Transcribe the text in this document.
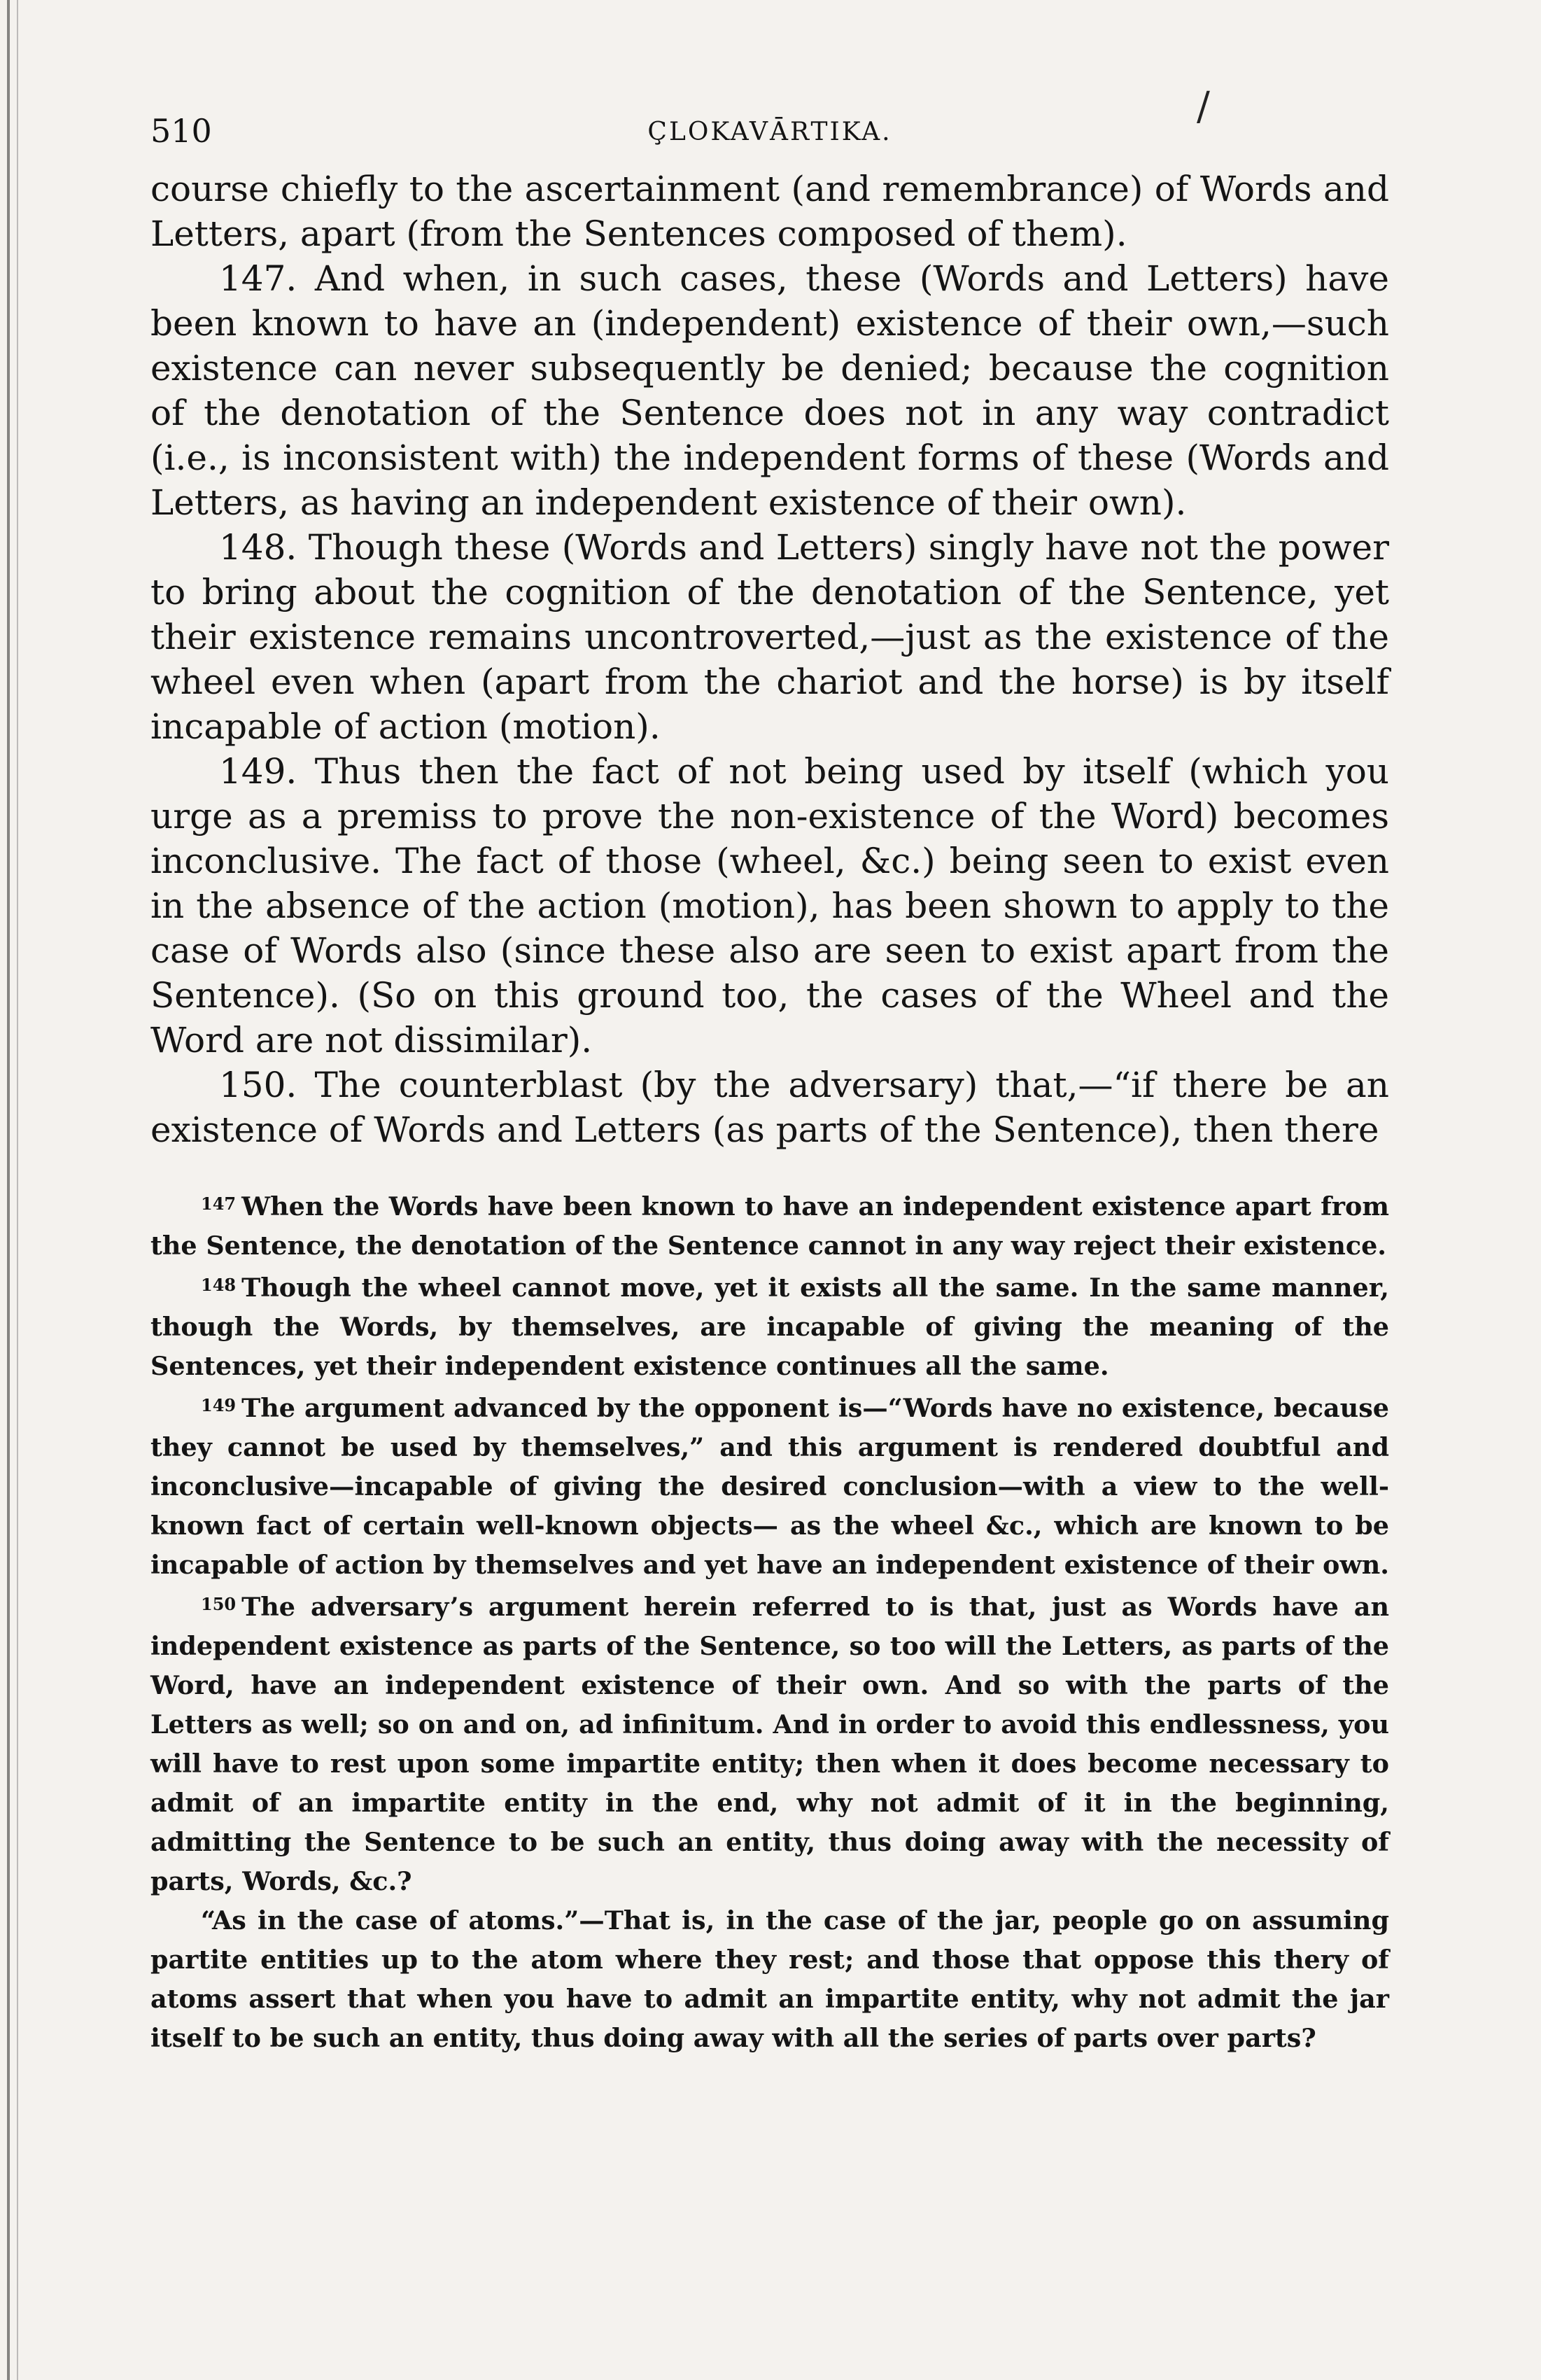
510	ÇLOKAVĀRTIKA.
/

course chiefly to the ascertainment (and remembrance) of Words and Letters, apart (from the Sentences composed of them).

147. And when, in such cases, these (Words and Letters) have been known to have an (independent) existence of their own,—such existence can never subsequently be denied; because the cognition of the denotation of the Sentence does not in any way contradict (i.e., is inconsistent with) the independent forms of these (Words and Letters, as having an independent existence of their own).

148. Though these (Words and Letters) singly have not the power to bring about the cognition of the denotation of the Sentence, yet their existence remains uncontroverted,—just as the existence of the wheel even when (apart from the chariot and the horse) is by itself incapable of action (motion).

149. Thus then the fact of not being used by itself (which you urge as a premiss to prove the non-existence of the Word) becomes inconclusive. The fact of those (wheel, &c.) being seen to exist even in the absence of the action (motion), has been shown to apply to the case of Words also (since these also are seen to exist apart from the Sentence). (So on this ground too, the cases of the Wheel and the Word are not dissimilar).

150. The counterblast (by the adversary) that,—“if there be an existence of Words and Letters (as parts of the Sentence), then there

$^{147}$ When the Words have been known to have an independent existence apart from the Sentence, the denotation of the Sentence cannot in any way reject their existence.

$^{148}$ Though the wheel cannot move, yet it exists all the same. In the same manner, though the Words, by themselves, are incapable of giving the meaning of the Sentences, yet their independent existence continues all the same.

$^{149}$ The argument advanced by the opponent is—“Words have no existence, because they cannot be used by themselves,” and this argument is rendered doubtful and inconclusive—incapable of giving the desired conclusion—with a view to the well-known fact of certain well-known objects— as the wheel &c., which are known to be incapable of action by themselves and yet have an independent existence of their own.

$^{150}$ The adversary’s argument herein referred to is that, just as Words have an independent existence as parts of the Sentence, so too will the Letters, as parts of the Word, have an independent existence of their own. And so with the parts of the Letters as well; so on and on, ad infinitum. And in order to avoid this endlessness, you will have to rest upon some impartite entity; then when it does become necessary to admit of an impartite entity in the end, why not admit of it in the beginning, admitting the Sentence to be such an entity, thus doing away with the necessity of parts, Words, &c.?

“As in the case of atoms.”—That is, in the case of the jar, people go on assuming partite entities up to the atom where they rest; and those that oppose this thery of atoms assert that when you have to admit an impartite entity, why not admit the jar itself to be such an entity, thus doing away with all the series of parts over parts?
